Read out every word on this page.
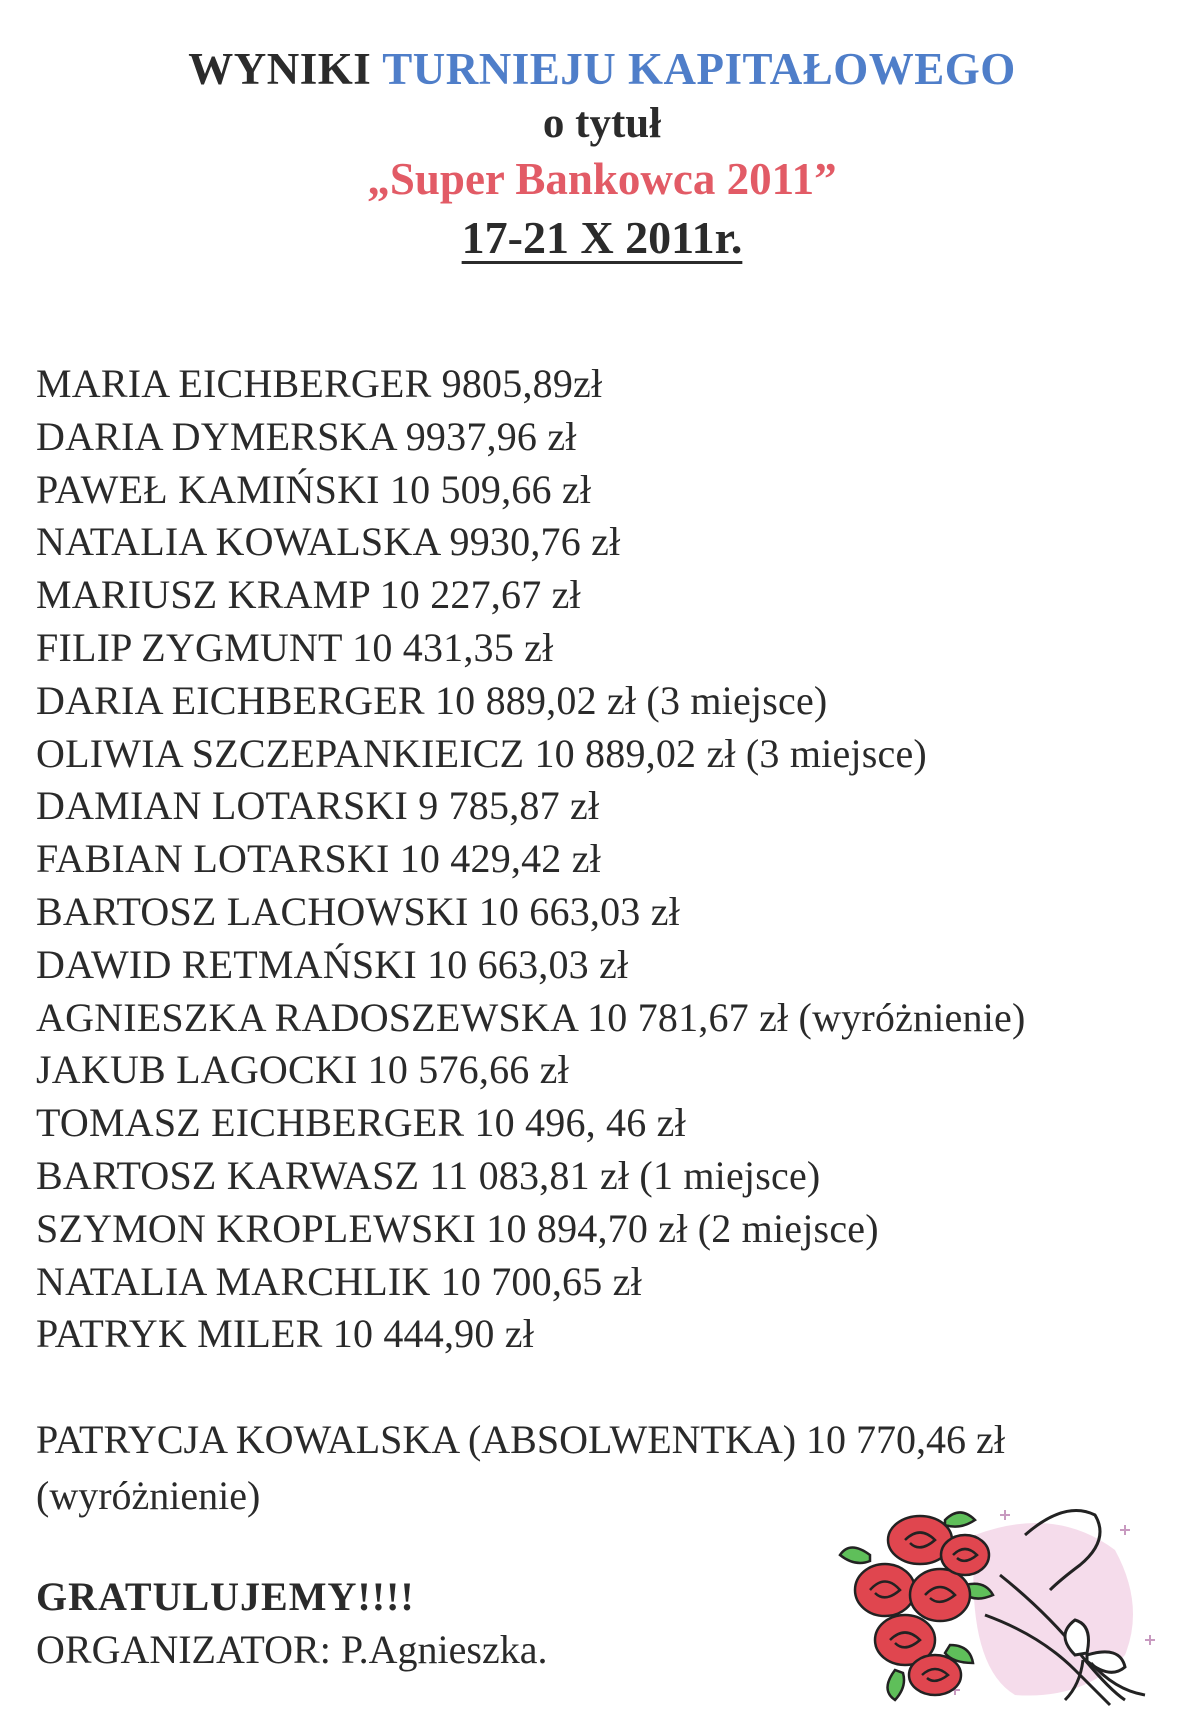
WYNIKI TURNIEJU KAPITAŁOWEGO
o tytuł
„Super Bankowca 2011”
17-21 X 2011r.
MARIA EICHBERGER 9805,89zł
DARIA DYMERSKA 9937,96 zł
PAWEŁ KAMIŃSKI 10 509,66 zł
NATALIA KOWALSKA 9930,76 zł
MARIUSZ KRAMP 10 227,67 zł
FILIP ZYGMUNT 10 431,35 zł
DARIA EICHBERGER 10 889,02 zł (3 miejsce)
OLIWIA SZCZEPANKIEICZ 10 889,02 zł (3 miejsce)
DAMIAN LOTARSKI 9 785,87 zł
FABIAN LOTARSKI 10 429,42 zł
BARTOSZ LACHOWSKI 10 663,03 zł
DAWID RETMAŃSKI 10 663,03 zł
AGNIESZKA RADOSZEWSKA 10 781,67 zł (wyróżnienie)
JAKUB LAGOCKI 10 576,66 zł
TOMASZ EICHBERGER 10 496, 46 zł
BARTOSZ KARWASZ 11 083,81 zł (1 miejsce)
SZYMON KROPLEWSKI 10 894,70 zł (2 miejsce)
NATALIA MARCHLIK 10 700,65 zł
PATRYK MILER 10 444,90 zł
PATRYCJA KOWALSKA (ABSOLWENTKA) 10 770,46 zł
(wyróżnienie)
GRATULUJEMY!!!!
ORGANIZATOR: P.Agnieszka.
